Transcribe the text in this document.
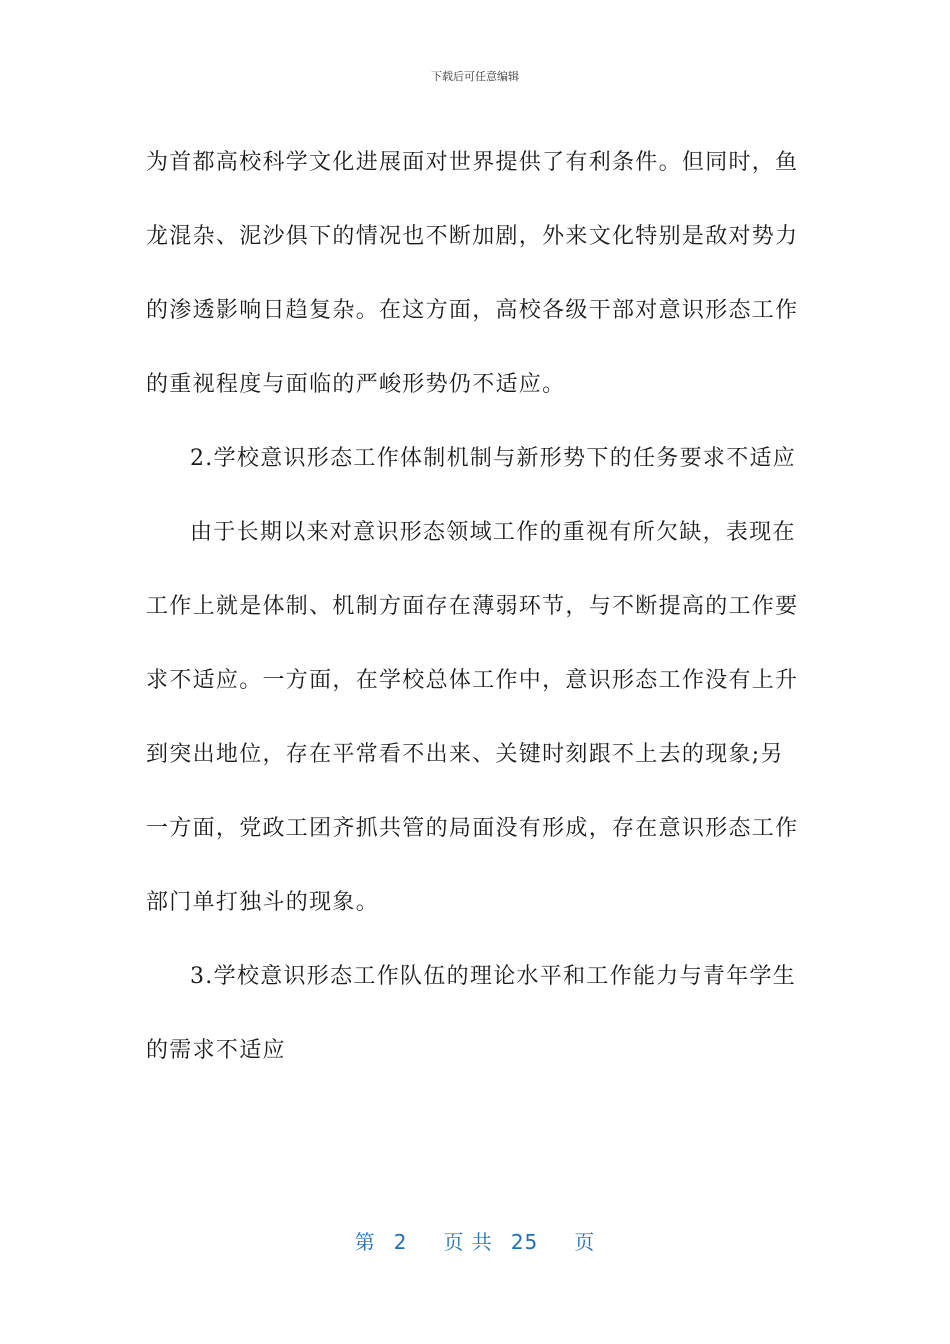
下载后可任意编辑

为首都高校科学文化进展面对世界提供了有利条件。但同时，鱼龙混杂、泥沙俱下的情况也不断加剧，外来文化特别是敌对势力的渗透影响日趋复杂。在这方面，高校各级干部对意识形态工作的重视程度与面临的严峻形势仍不适应。

2.学校意识形态工作体制机制与新形势下的任务要求不适应

由于长期以来对意识形态领域工作的重视有所欠缺，表现在工作上就是体制、机制方面存在薄弱环节，与不断提高的工作要求不适应。一方面，在学校总体工作中，意识形态工作没有上升到突出地位，存在平常看不出来、关键时刻跟不上去的现象;另一方面，党政工团齐抓共管的局面没有形成，存在意识形态工作部门单打独斗的现象。

3.学校意识形态工作队伍的理论水平和工作能力与青年学生的需求不适应

第 2 页 共 25 页
